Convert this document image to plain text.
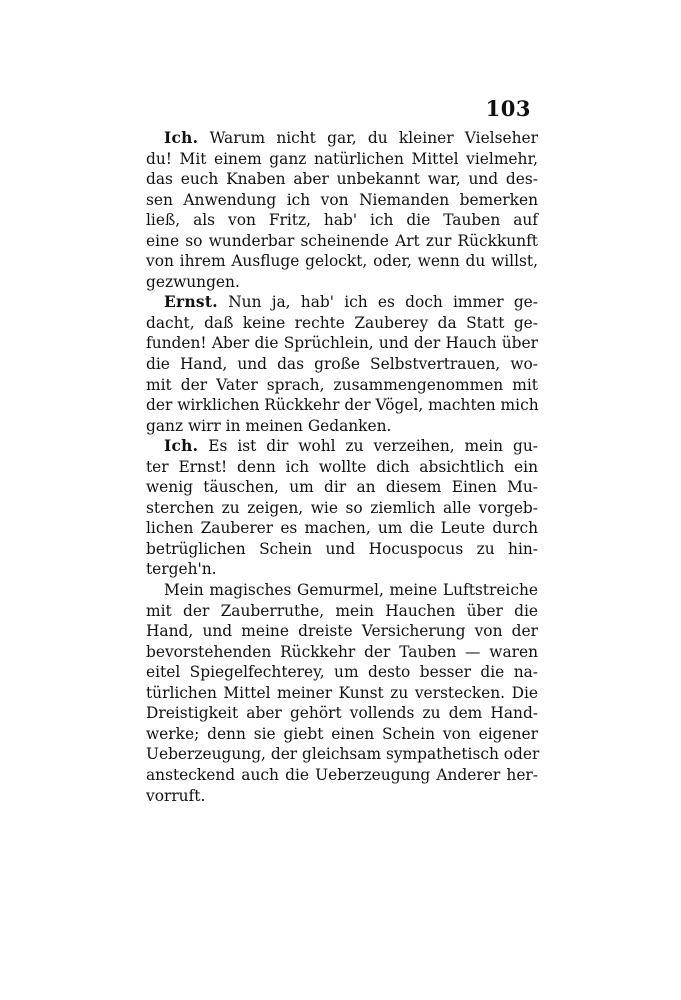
103
Ich. Warum nicht gar, du kleiner Vielseher
du! Mit einem ganz natürlichen Mittel vielmehr,
das euch Knaben aber unbekannt war, und des-
sen Anwendung ich von Niemanden bemerken
ließ, als von Fritz, hab' ich die Tauben auf
eine so wunderbar scheinende Art zur Rückkunft
von ihrem Ausfluge gelockt, oder, wenn du willst,
gezwungen.
Ernst. Nun ja, hab' ich es doch immer ge-
dacht, daß keine rechte Zauberey da Statt ge-
funden! Aber die Sprüchlein, und der Hauch über
die Hand, und das große Selbstvertrauen, wo-
mit der Vater sprach, zusammengenommen mit
der wirklichen Rückkehr der Vögel, machten mich
ganz wirr in meinen Gedanken.
Ich. Es ist dir wohl zu verzeihen, mein gu-
ter Ernst! denn ich wollte dich absichtlich ein
wenig täuschen, um dir an diesem Einen Mu-
sterchen zu zeigen, wie so ziemlich alle vorgeb-
lichen Zauberer es machen, um die Leute durch
betrüglichen Schein und Hocuspocus zu hin-
tergeh'n.
Mein magisches Gemurmel, meine Luftstreiche
mit der Zauberruthe, mein Hauchen über die
Hand, und meine dreiste Versicherung von der
bevorstehenden Rückkehr der Tauben — waren
eitel Spiegelfechterey, um desto besser die na-
türlichen Mittel meiner Kunst zu verstecken. Die
Dreistigkeit aber gehört vollends zu dem Hand-
werke; denn sie giebt einen Schein von eigener
Ueberzeugung, der gleichsam sympathetisch oder
ansteckend auch die Ueberzeugung Anderer her-
vorruft.
